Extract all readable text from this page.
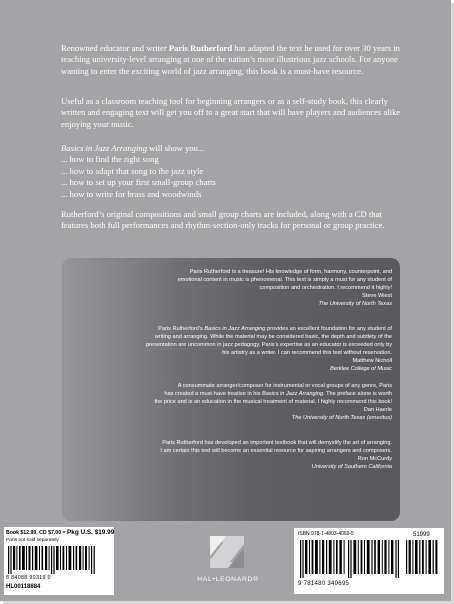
Renowned educator and writer Paris Rutherford has adapted the text he used for over 30 years in teaching university-level arranging at one of the nation’s most illustrious jazz schools. For anyone wanting to enter the exciting world of jazz arranging, this book is a must-have resource.

Useful as a classroom teaching tool for beginning arrangers or as a self-study book, this clearly written and engaging text will get you off to a great start that will have players and audiences alike enjoying your music.

Basics in Jazz Arranging will show you...
... how to find the right song
... how to adapt that song to the jazz style
... how to set up your first small-group charts
... how to write for brass and woodwinds

Rutherford’s original compositions and small group charts are included, along with a CD that features both full performances and rhythm-section-only tracks for personal or group practice.

Paris Rutherford is a treasure! His knowledge of form, harmony, counterpoint, and
emotional content in music is phenomenal. This text is simply a must for any student of
composition and orchestration. I recommend it highly!
Steve Wiest
The University of North Texas
Paris Rutherford’s Basics in Jazz Arranging provides an excellent foundation for any student of
writing and arranging. While the material may be considered basic, the depth and subtlety of the
presentation are uncommon in jazz pedagogy. Paris’s expertise as an educator is exceeded only by
his artistry as a writer. I can recommend this text without reservation.
Matthew Nicholl
Berklee College of Music
A consummate arranger/composer for instrumental or vocal groups of any genre, Paris
has created a must-have treatise in his Basics in Jazz Arranging. The preface alone is worth
the price and is an education in the musical treatment of material. I highly recommend this book!
Dan Haerle
The University of North Texas (emeritus)
Paris Rutherford has developed an important textbook that will demystify the art of arranging.
I am certain this text will become an essential resource for aspiring arrangers and composers.
Ron McCurdy
University of Southern California
Book $12.99, CD $7.00 = Pkg U.S. $19.99
Parts not sold separately
8 84088 90319 0
HL00118884
HAL•LEONARD®
ISBN 978-1-4803-4069-5	51999
9 781480 340695
